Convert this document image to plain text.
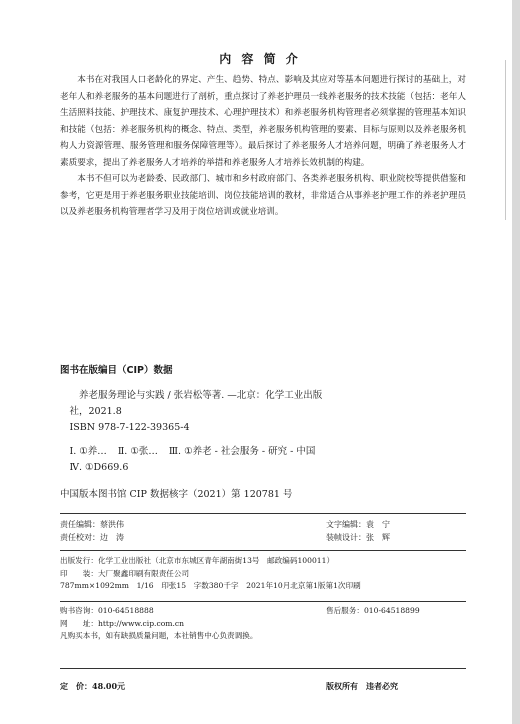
内 容 简 介

本书在对我国人口老龄化的界定、产生、趋势、特点、影响及其应对等基本问题进行探讨的基础上，对老年人和养老服务的基本问题进行了剖析，重点探讨了养老护理员一线养老服务的技术技能（包括：老年人生活照料技能、护理技术、康复护理技术、心理护理技术）和养老服务机构管理者必须掌握的管理基本知识和技能（包括：养老服务机构的概念、特点、类型，养老服务机构管理的要素、目标与原则以及养老服务机构人力资源管理、服务管理和服务保障管理等）。最后探讨了养老服务人才培养问题，明确了养老服务人才素质要求，提出了养老服务人才培养的举措和养老服务人才培养长效机制的构建。

本书不但可以为老龄委、民政部门、城市和乡村政府部门、各类养老服务机构、职业院校等提供借鉴和参考，它更是用于养老服务职业技能培训、岗位技能培训的教材，非常适合从事养老护理工作的养老护理员以及养老服务机构管理者学习及用于岗位培训或就业培训。

图书在版编目（CIP）数据

养老服务理论与实践 / 张岩松等著. —北京：化学工业出版

社，2021.8

ISBN 978-7-122-39365-4

Ⅰ. ①养… Ⅱ. ①张… Ⅲ. ①养老 - 社会服务 - 研究 - 中国

Ⅳ. ①D669.6

中国版本图书馆 CIP 数据核字（2021）第 120781 号
责任编辑：蔡洪伟	文字编辑：袁　宁
责任校对：边　涛	装帧设计：张　辉

出版发行：化学工业出版社（北京市东城区青年湖南街13号　邮政编码100011）

印　　装：大厂聚鑫印刷有限责任公司

787mm×1092mm　1/16　印张15　字数380千字　2021年10月北京第1版第1次印刷

购书咨询：010-64518888	售后服务：010-64518899

网　　址：http://www.cip.com.cn

凡购买本书，如有缺损质量问题，本社销售中心负责调换。

定　价：48.00元	版权所有　违者必究
